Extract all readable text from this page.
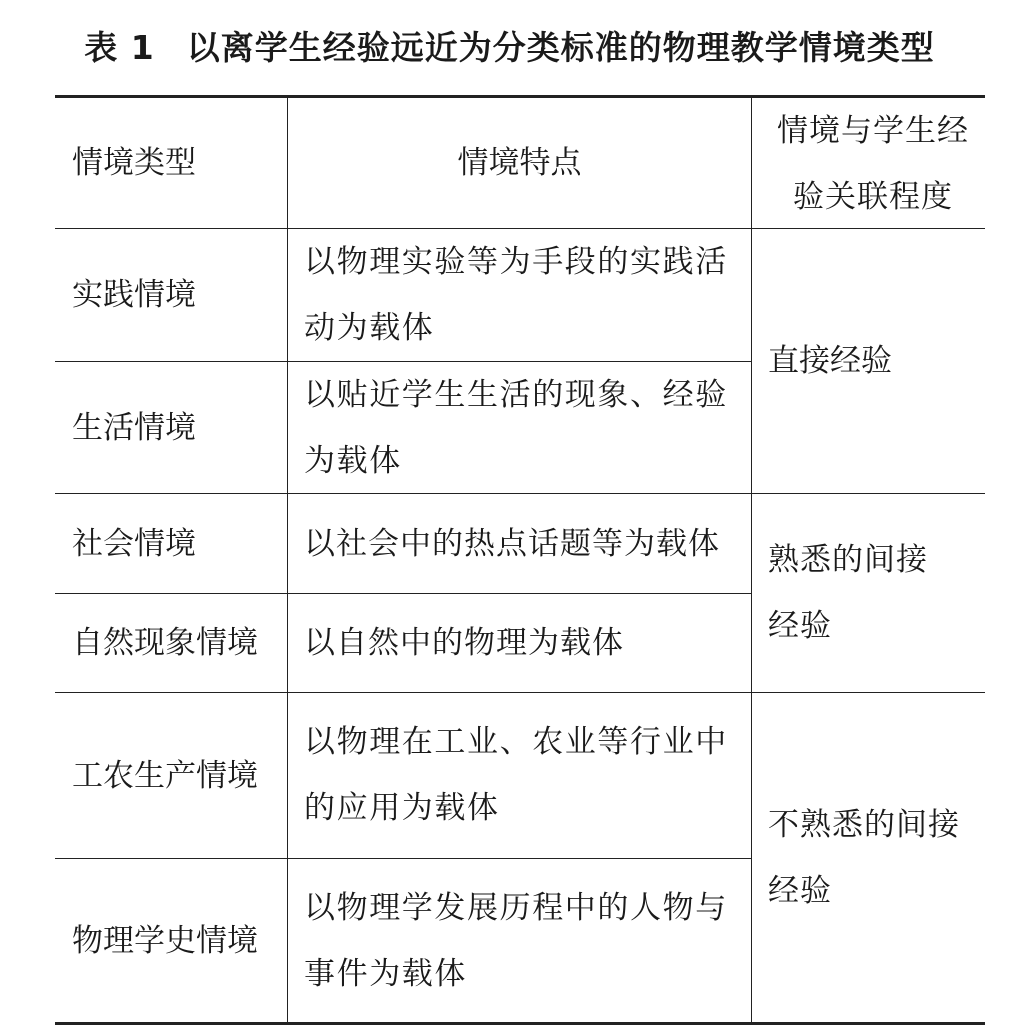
表 1 以离学生经验远近为分类标准的物理教学情境类型
情境类型	情境特点
情境与学生经验关联程度
实践情境
以物理实验等为手段的实践活动为载体
生活情境
以贴近学生生活的现象、经验为载体
直接经验
社会情境	以社会中的热点话题等为载体
自然现象情境 以自然中的物理为载体
熟悉的间接经验
工农生产情境
以物理在工业、农业等行业中的应用为载体
物理学史情境
以物理学发展历程中的人物与事件为载体
不熟悉的间接经验
